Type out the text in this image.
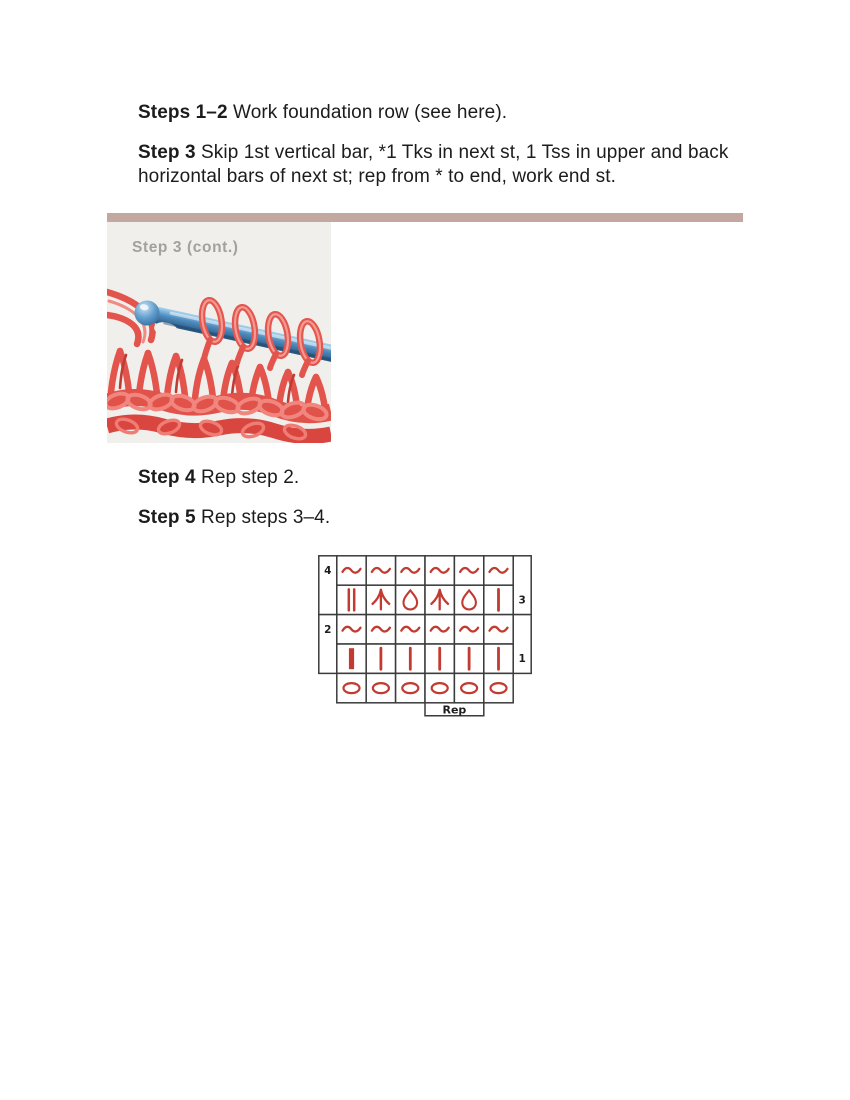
Steps 1–2 Work foundation row (see here).

Step 3 Skip 1st vertical bar, *1 Tks in next st, 1 Tss in upper and back horizontal bars of next st; rep from * to end, work end st.

Step 3 (cont.)

Step 4 Rep step 2.

Step 5 Rep steps 3–4.

4
3
2
1
Rep
